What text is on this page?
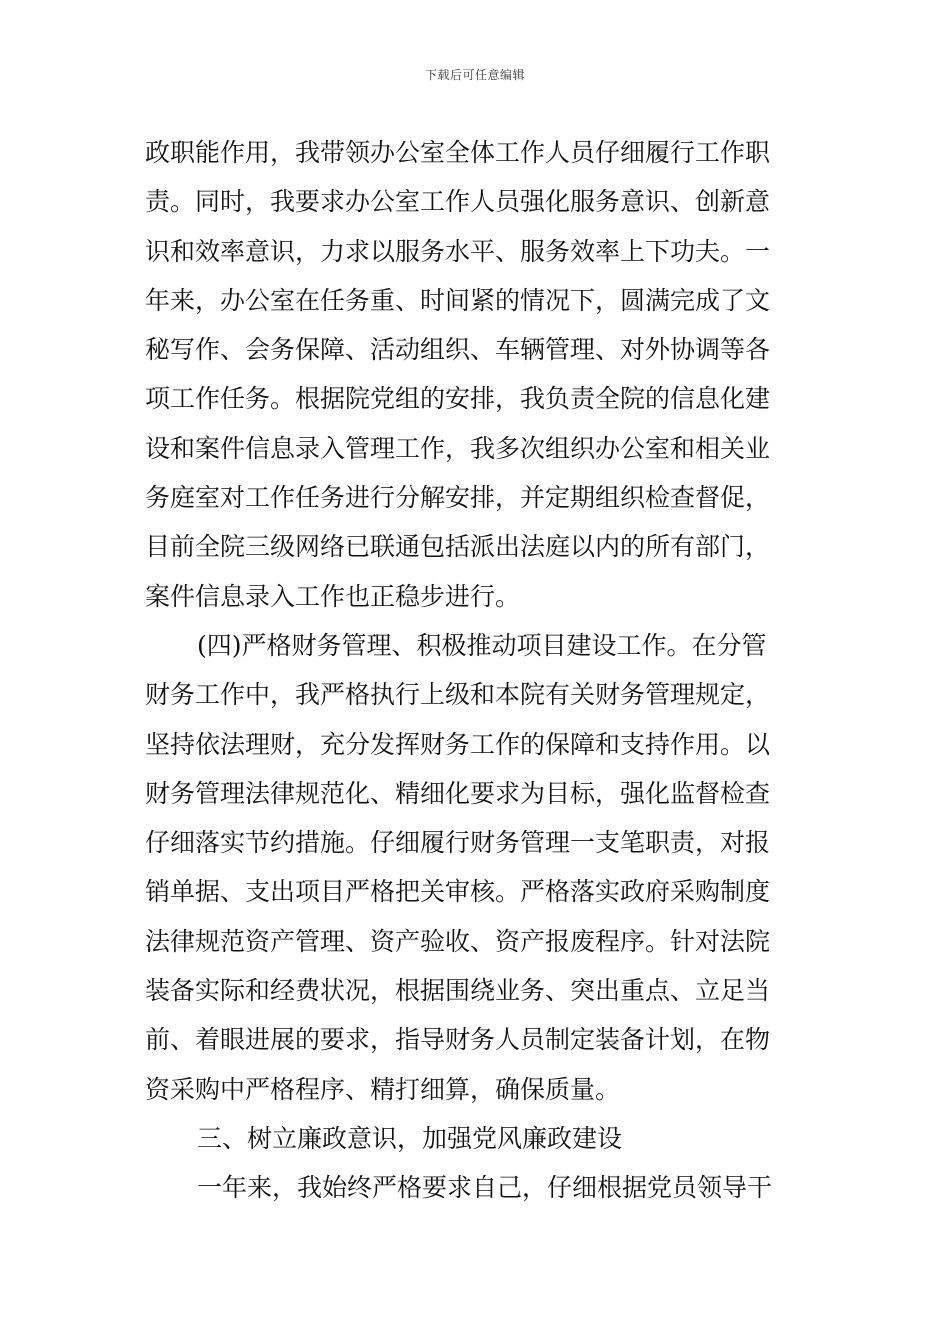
下载后可任意编辑
政职能作用，我带领办公室全体工作人员仔细履行工作职
责。同时，我要求办公室工作人员强化服务意识、创新意
识和效率意识，力求以服务水平、服务效率上下功夫。一
年来，办公室在任务重、时间紧的情况下，圆满完成了文
秘写作、会务保障、活动组织、车辆管理、对外协调等各
项工作任务。根据院党组的安排，我负责全院的信息化建
设和案件信息录入管理工作，我多次组织办公室和相关业
务庭室对工作任务进行分解安排，并定期组织检查督促，
目前全院三级网络已联通包括派出法庭以内的所有部门，
案件信息录入工作也正稳步进行。
(四)严格财务管理、积极推动项目建设工作。在分管
财务工作中，我严格执行上级和本院有关财务管理规定，
坚持依法理财，充分发挥财务工作的保障和支持作用。以
财务管理法律规范化、精细化要求为目标，强化监督检查
仔细落实节约措施。仔细履行财务管理一支笔职责，对报
销单据、支出项目严格把关审核。严格落实政府采购制度
法律规范资产管理、资产验收、资产报废程序。针对法院
装备实际和经费状况，根据围绕业务、突出重点、立足当
前、着眼进展的要求，指导财务人员制定装备计划，在物
资采购中严格程序、精打细算，确保质量。
三、树立廉政意识，加强党风廉政建设
一年来，我始终严格要求自己，仔细根据党员领导干
